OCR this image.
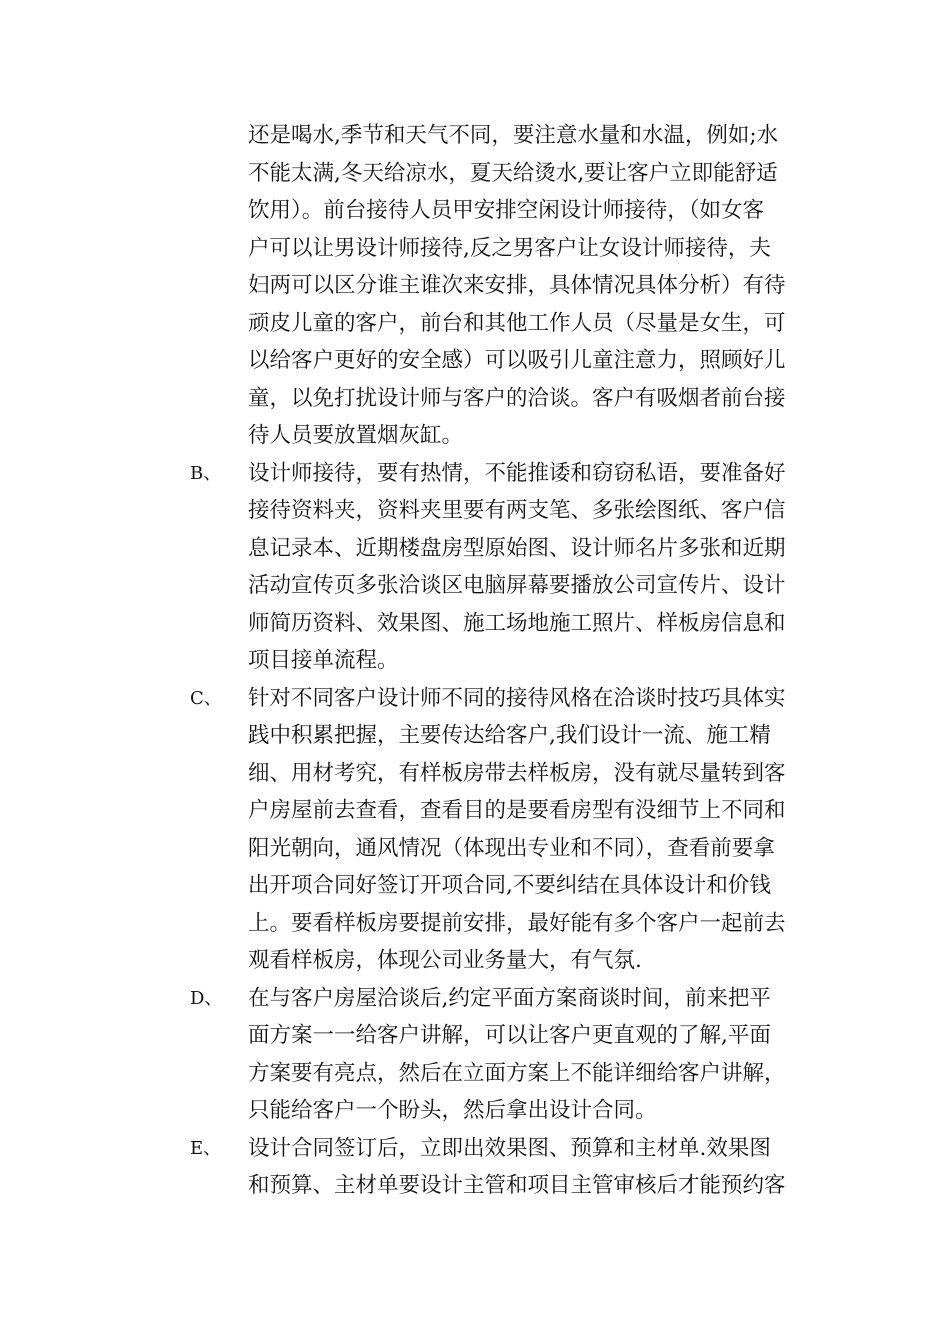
还是喝水,季节和天气不同，要注意水量和水温，例如;水
不能太满,冬天给凉水，夏天给烫水,要让客户立即能舒适
饮用）。前台接待人员甲安排空闲设计师接待，（如女客
户可以让男设计师接待,反之男客户让女设计师接待，夫
妇两可以区分谁主谁次来安排，具体情况具体分析）有待
顽皮儿童的客户，前台和其他工作人员（尽量是女生，可
以给客户更好的安全感）可以吸引儿童注意力，照顾好儿
童，以免打扰设计师与客户的洽谈。客户有吸烟者前台接
待人员要放置烟灰缸。
B、 设计师接待，要有热情，不能推诿和窃窃私语，要准备好
接待资料夹，资料夹里要有两支笔、多张绘图纸、客户信
息记录本、近期楼盘房型原始图、设计师名片多张和近期
活动宣传页多张洽谈区电脑屏幕要播放公司宣传片、设计
师简历资料、效果图、施工场地施工照片、样板房信息和
项目接单流程。
C、 针对不同客户设计师不同的接待风格在洽谈时技巧具体实
践中积累把握，主要传达给客户,我们设计一流、施工精
细、用材考究，有样板房带去样板房，没有就尽量转到客
户房屋前去查看，查看目的是要看房型有没细节上不同和
阳光朝向，通风情况（体现出专业和不同），查看前要拿
出开项合同好签订开项合同,不要纠结在具体设计和价钱
上。要看样板房要提前安排，最好能有多个客户一起前去
观看样板房，体现公司业务量大，有气氛.
D、 在与客户房屋洽谈后,约定平面方案商谈时间，前来把平
面方案一一给客户讲解，可以让客户更直观的了解,平面
方案要有亮点，然后在立面方案上不能详细给客户讲解，
只能给客户一个盼头，然后拿出设计合同。
E、 设计合同签订后，立即出效果图、预算和主材单.效果图
和预算、主材单要设计主管和项目主管审核后才能预约客
